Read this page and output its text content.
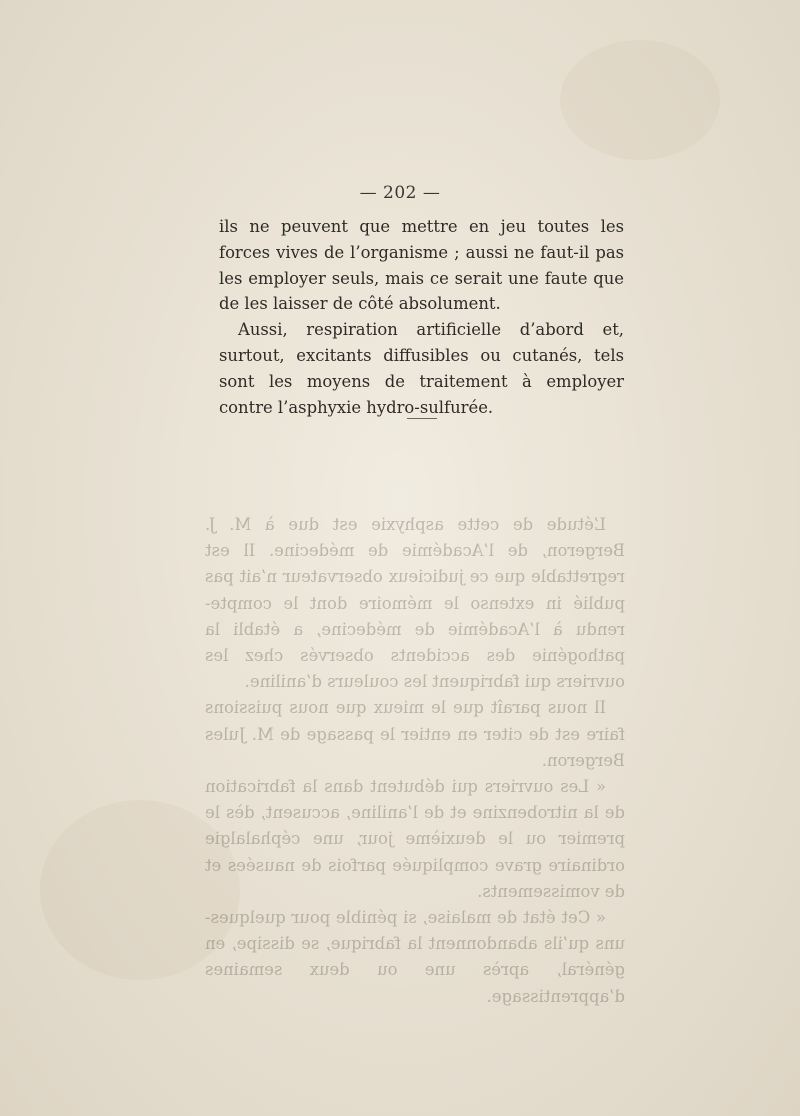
— 202 —

ils ne peuvent que mettre en jeu toutes les forces vives de l’organisme ; aussi ne faut-il pas les employer seuls, mais ce serait une faute que de les laisser de côté absolument.

Aussi, respiration artificielle d’abord et, surtout, excitants diffusibles ou cutanés, tels sont les moyens de traitement à employer contre l’asphyxie hydro-sulfurée.

L’étude de cette asphyxie est due à M. J. Bergeron, de l’Académie de médecine. Il est regrettable que ce judicieux observateur n’ait pas publié in extenso le mémoire dont le compte-rendu à l’Académie de médecine, a établi la pathogénie des accidents observés chez les ouvriers qui fabriquent les couleurs d’aniline.

Il nous paraît que le mieux que nous puissions faire est de citer en entier le passage de M. Jules Bergeron.

« Les ouvriers qui débutent dans la fabrication de la nitrobenzine et de l’aniline, accusent, dès le premier ou le deuxième jour, une céphalalgie ordinaire grave compliquée parfois de nausées et de vomissements.

« Cet état de malaise, si pénible pour quelques-uns qu’ils abandonnent la fabrique, se dissipe, en général, après une ou deux semaines d’apprentissage.
